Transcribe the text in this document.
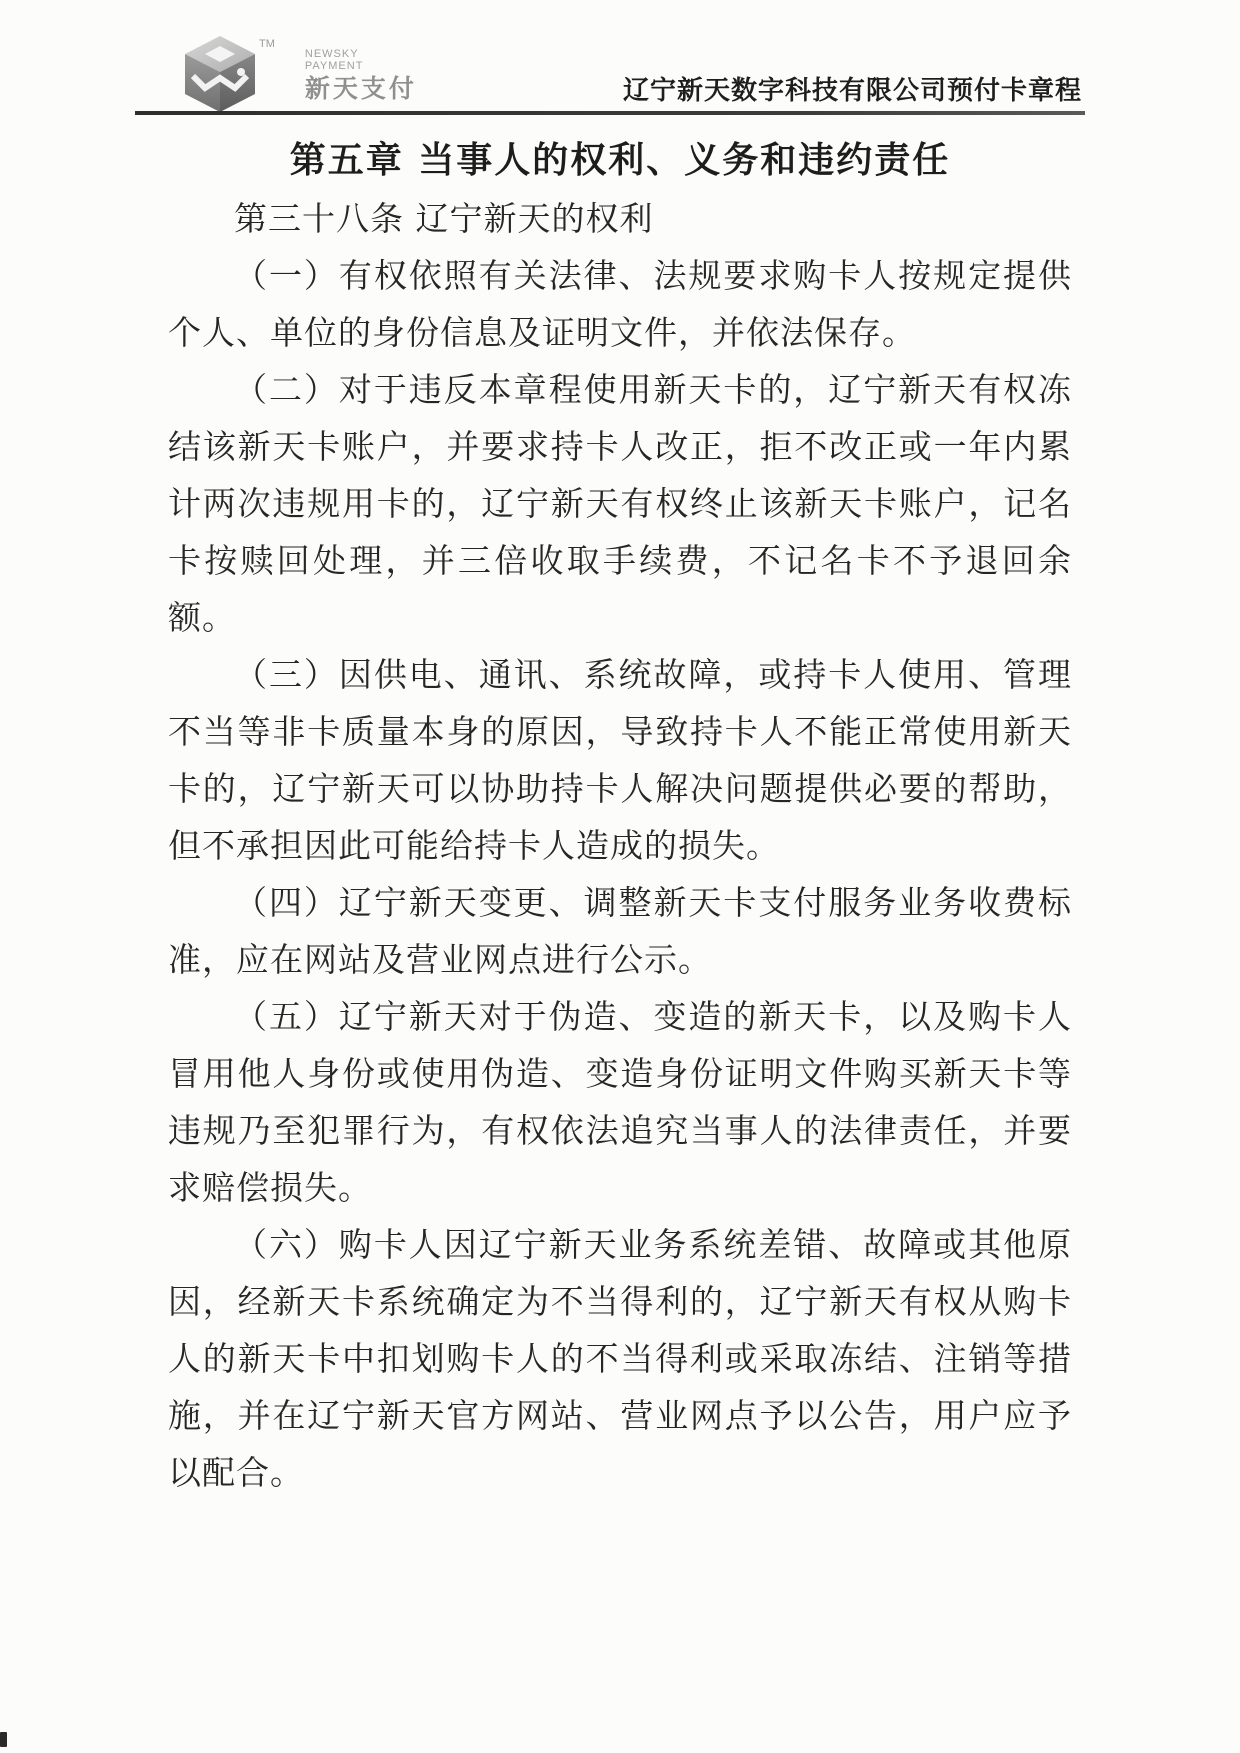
TM
NEWSKY
PAYMENT
新天支付	辽宁新天数字科技有限公司预付卡章程
第五章 当事人的权利、义务和违约责任

第三十八条 辽宁新天的权利

（一）有权依照有关法律、法规要求购卡人按规定提供个人、单位的身份信息及证明文件，并依法保存。

（二）对于违反本章程使用新天卡的，辽宁新天有权冻结该新天卡账户，并要求持卡人改正，拒不改正或一年内累计两次违规用卡的，辽宁新天有权终止该新天卡账户，记名卡按赎回处理，并三倍收取手续费，不记名卡不予退回余额。

（三）因供电、通讯、系统故障，或持卡人使用、管理不当等非卡质量本身的原因，导致持卡人不能正常使用新天卡的，辽宁新天可以协助持卡人解决问题提供必要的帮助，但不承担因此可能给持卡人造成的损失。

（四）辽宁新天变更、调整新天卡支付服务业务收费标准，应在网站及营业网点进行公示。

（五）辽宁新天对于伪造、变造的新天卡，以及购卡人冒用他人身份或使用伪造、变造身份证明文件购买新天卡等违规乃至犯罪行为，有权依法追究当事人的法律责任，并要求赔偿损失。

（六）购卡人因辽宁新天业务系统差错、故障或其他原因，经新天卡系统确定为不当得利的，辽宁新天有权从购卡人的新天卡中扣划购卡人的不当得利或采取冻结、注销等措施，并在辽宁新天官方网站、营业网点予以公告，用户应予以配合。
